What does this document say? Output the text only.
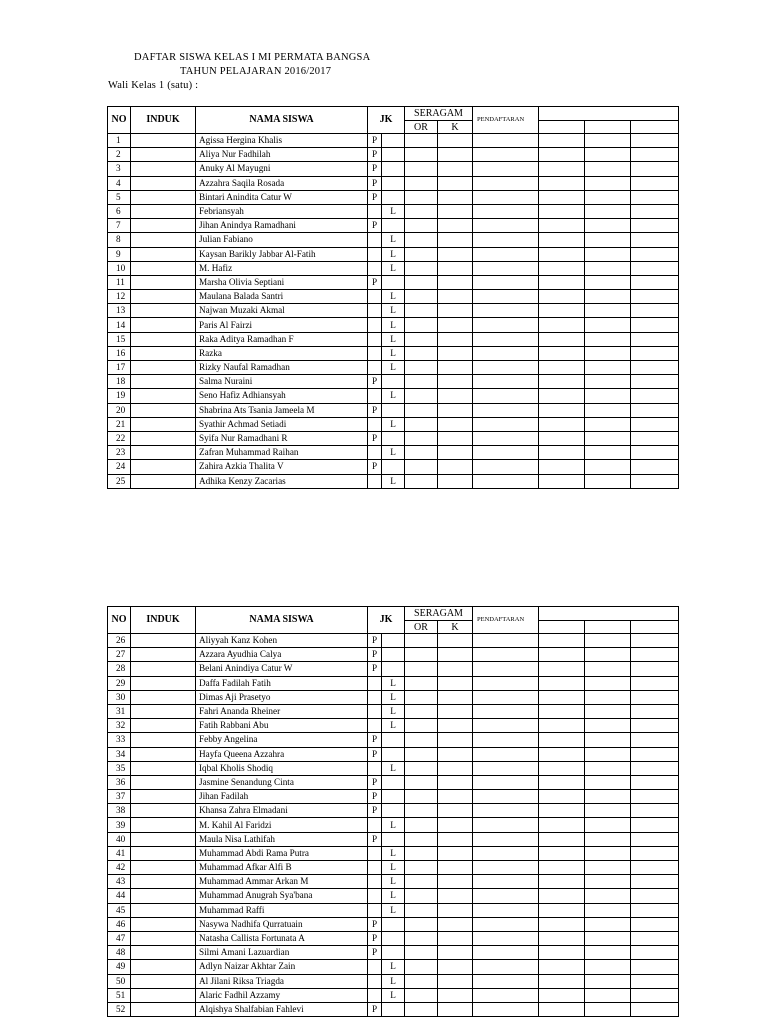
DAFTAR SISWA KELAS I MI PERMATA BANGSA
TAHUN PELAJARAN 2016/2017
Wali Kelas 1 (satu) :
NO	INDUK	NAMA SISWA	JK		SERAGAM		PENDAFTARAN			
					OR	K				
1		Agissa Hergina Khalis	P							
2		Aliya Nur Fadhilah	P							
3		Anuky Al Mayugni	P							
4		Azzahra Saqila Rosada	P							
5		Bintari Anindita Catur W	P							
6		Febriansyah		L						
7		Jihan Anindya Ramadhani	P							
8		Julian Fabiano		L						
9		Kaysan Barikly Jabbar Al-Fatih		L						
10		M. Hafiz		L						
11		Marsha Olivia Septiani	P							
12		Maulana Balada Santri		L						
13		Najwan Muzaki Akmal		L						
14		Paris Al Fairzi		L						
15		Raka Aditya Ramadhan F		L						
16		Razka		L						
17		Rizky Naufal Ramadhan		L						
18		Salma Nuraini	P							
19		Seno Hafiz Adhiansyah		L						
20		Shabrina Ats Tsania Jameela M	P							
21		Syathir Achmad Setiadi		L						
22		Syifa Nur Ramadhani R	P							
23		Zafran Muhammad Raihan		L						
24		Zahira Azkia Thalita V	P							
25		Adhika Kenzy Zacarias		L						
NO	INDUK	NAMA SISWA	JK		SERAGAM		PENDAFTARAN			
					OR	K				
26		Aliyyah Kanz Kohen	P							
27		Azzara Ayudhia Calya	P							
28		Belani Anindiya Catur W	P							
29		Daffa Fadilah Fatih		L						
30		Dimas Aji Prasetyo		L						
31		Fahri Ananda Rheiner		L						
32		Fatih Rabbani Abu		L						
33		Febby Angelina	P							
34		Hayfa Queena Azzahra	P							
35		Iqbal Kholis Shodiq		L						
36		Jasmine Senandung Cinta	P							
37		Jihan Fadilah	P							
38		Khansa Zahra Elmadani	P							
39		M. Kahil Al Faridzi		L						
40		Maula Nisa Lathifah	P							
41		Muhammad Abdi Rama Putra		L						
42		Muhammad Afkar Alfi B		L						
43		Muhammad Ammar Arkan M		L						
44		Muhammad Anugrah Sya'bana		L						
45		Muhammad Raffi		L						
46		Nasywa Nadhifa Qurratuain	P							
47		Natasha Callista Fortunata A	P							
48		Silmi Amani Lazuardian	P							
49		Adlyn Naizar Akhtar Zain		L						
50		Al Jilani Riksa Triagda		L						
51		Alaric Fadhil Azzamy		L						
52		Alqishya Shalfabian Fahlevi	P							
